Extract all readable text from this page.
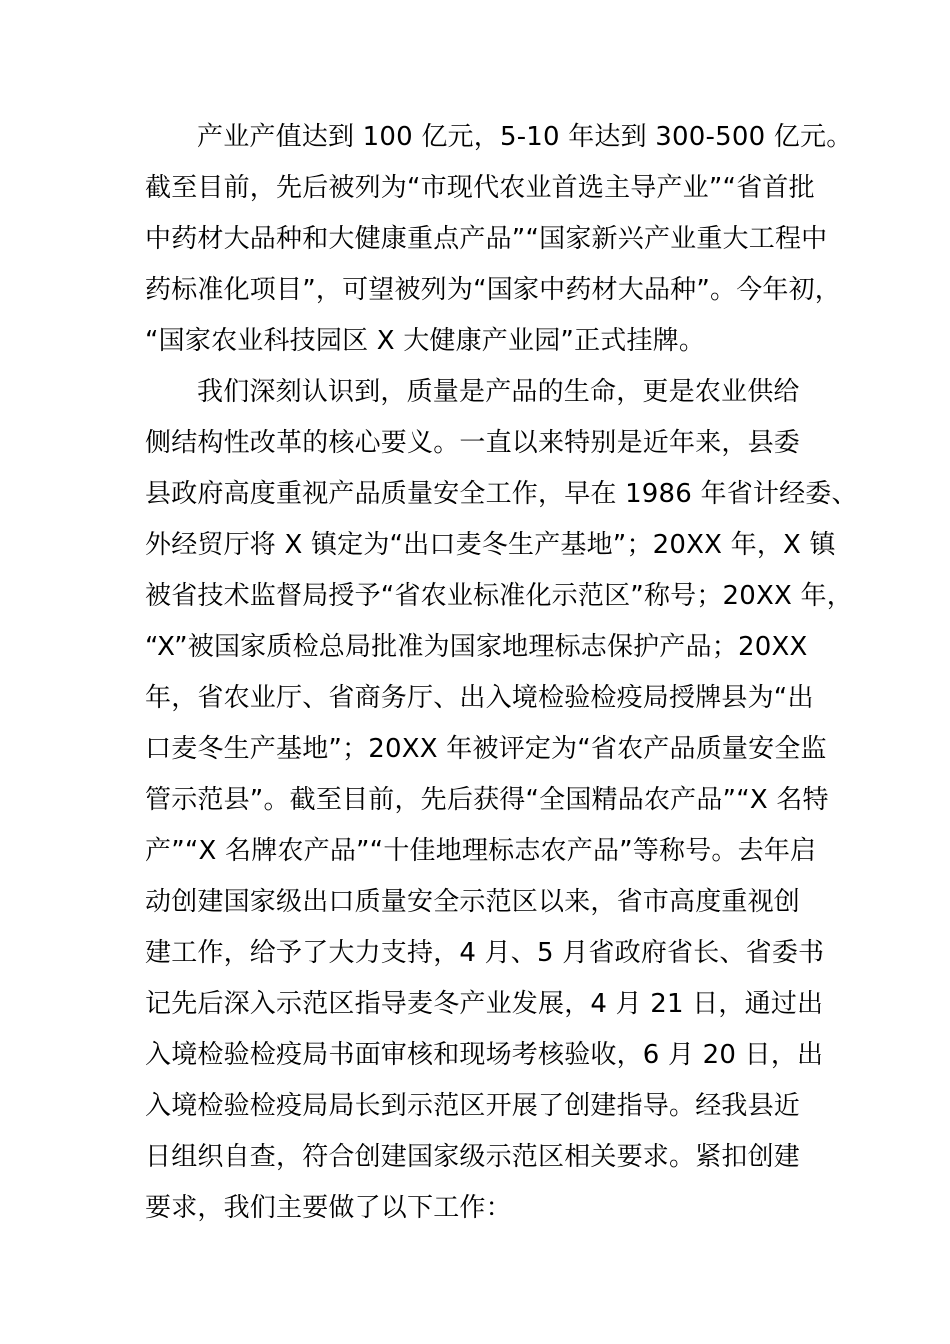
产业产值达到 100 亿元，5-10 年达到 300-500 亿元。
截至目前，先后被列为“市现代农业首选主导产业”“省首批
中药材大品种和大健康重点产品”“国家新兴产业重大工程中
药标准化项目”，可望被列为“国家中药材大品种”。今年初，
“国家农业科技园区 X 大健康产业园”正式挂牌。
我们深刻认识到，质量是产品的生命，更是农业供给
侧结构性改革的核心要义。一直以来特别是近年来，县委
县政府高度重视产品质量安全工作，早在 1986 年省计经委、
外经贸厅将 X 镇定为“出口麦冬生产基地”；20XX 年，X 镇
被省技术监督局授予“省农业标准化示范区”称号；20XX 年，
“X”被国家质检总局批准为国家地理标志保护产品；20XX
年，省农业厅、省商务厅、出入境检验检疫局授牌县为“出
口麦冬生产基地”；20XX 年被评定为“省农产品质量安全监
管示范县”。截至目前，先后获得“全国精品农产品”“X 名特
产”“X 名牌农产品”“十佳地理标志农产品”等称号。去年启
动创建国家级出口质量安全示范区以来，省市高度重视创
建工作，给予了大力支持，4 月、5 月省政府省长、省委书
记先后深入示范区指导麦冬产业发展，4 月 21 日，通过出
入境检验检疫局书面审核和现场考核验收，6 月 20 日，出
入境检验检疫局局长到示范区开展了创建指导。经我县近
日组织自查，符合创建国家级示范区相关要求。紧扣创建
要求，我们主要做了以下工作：
